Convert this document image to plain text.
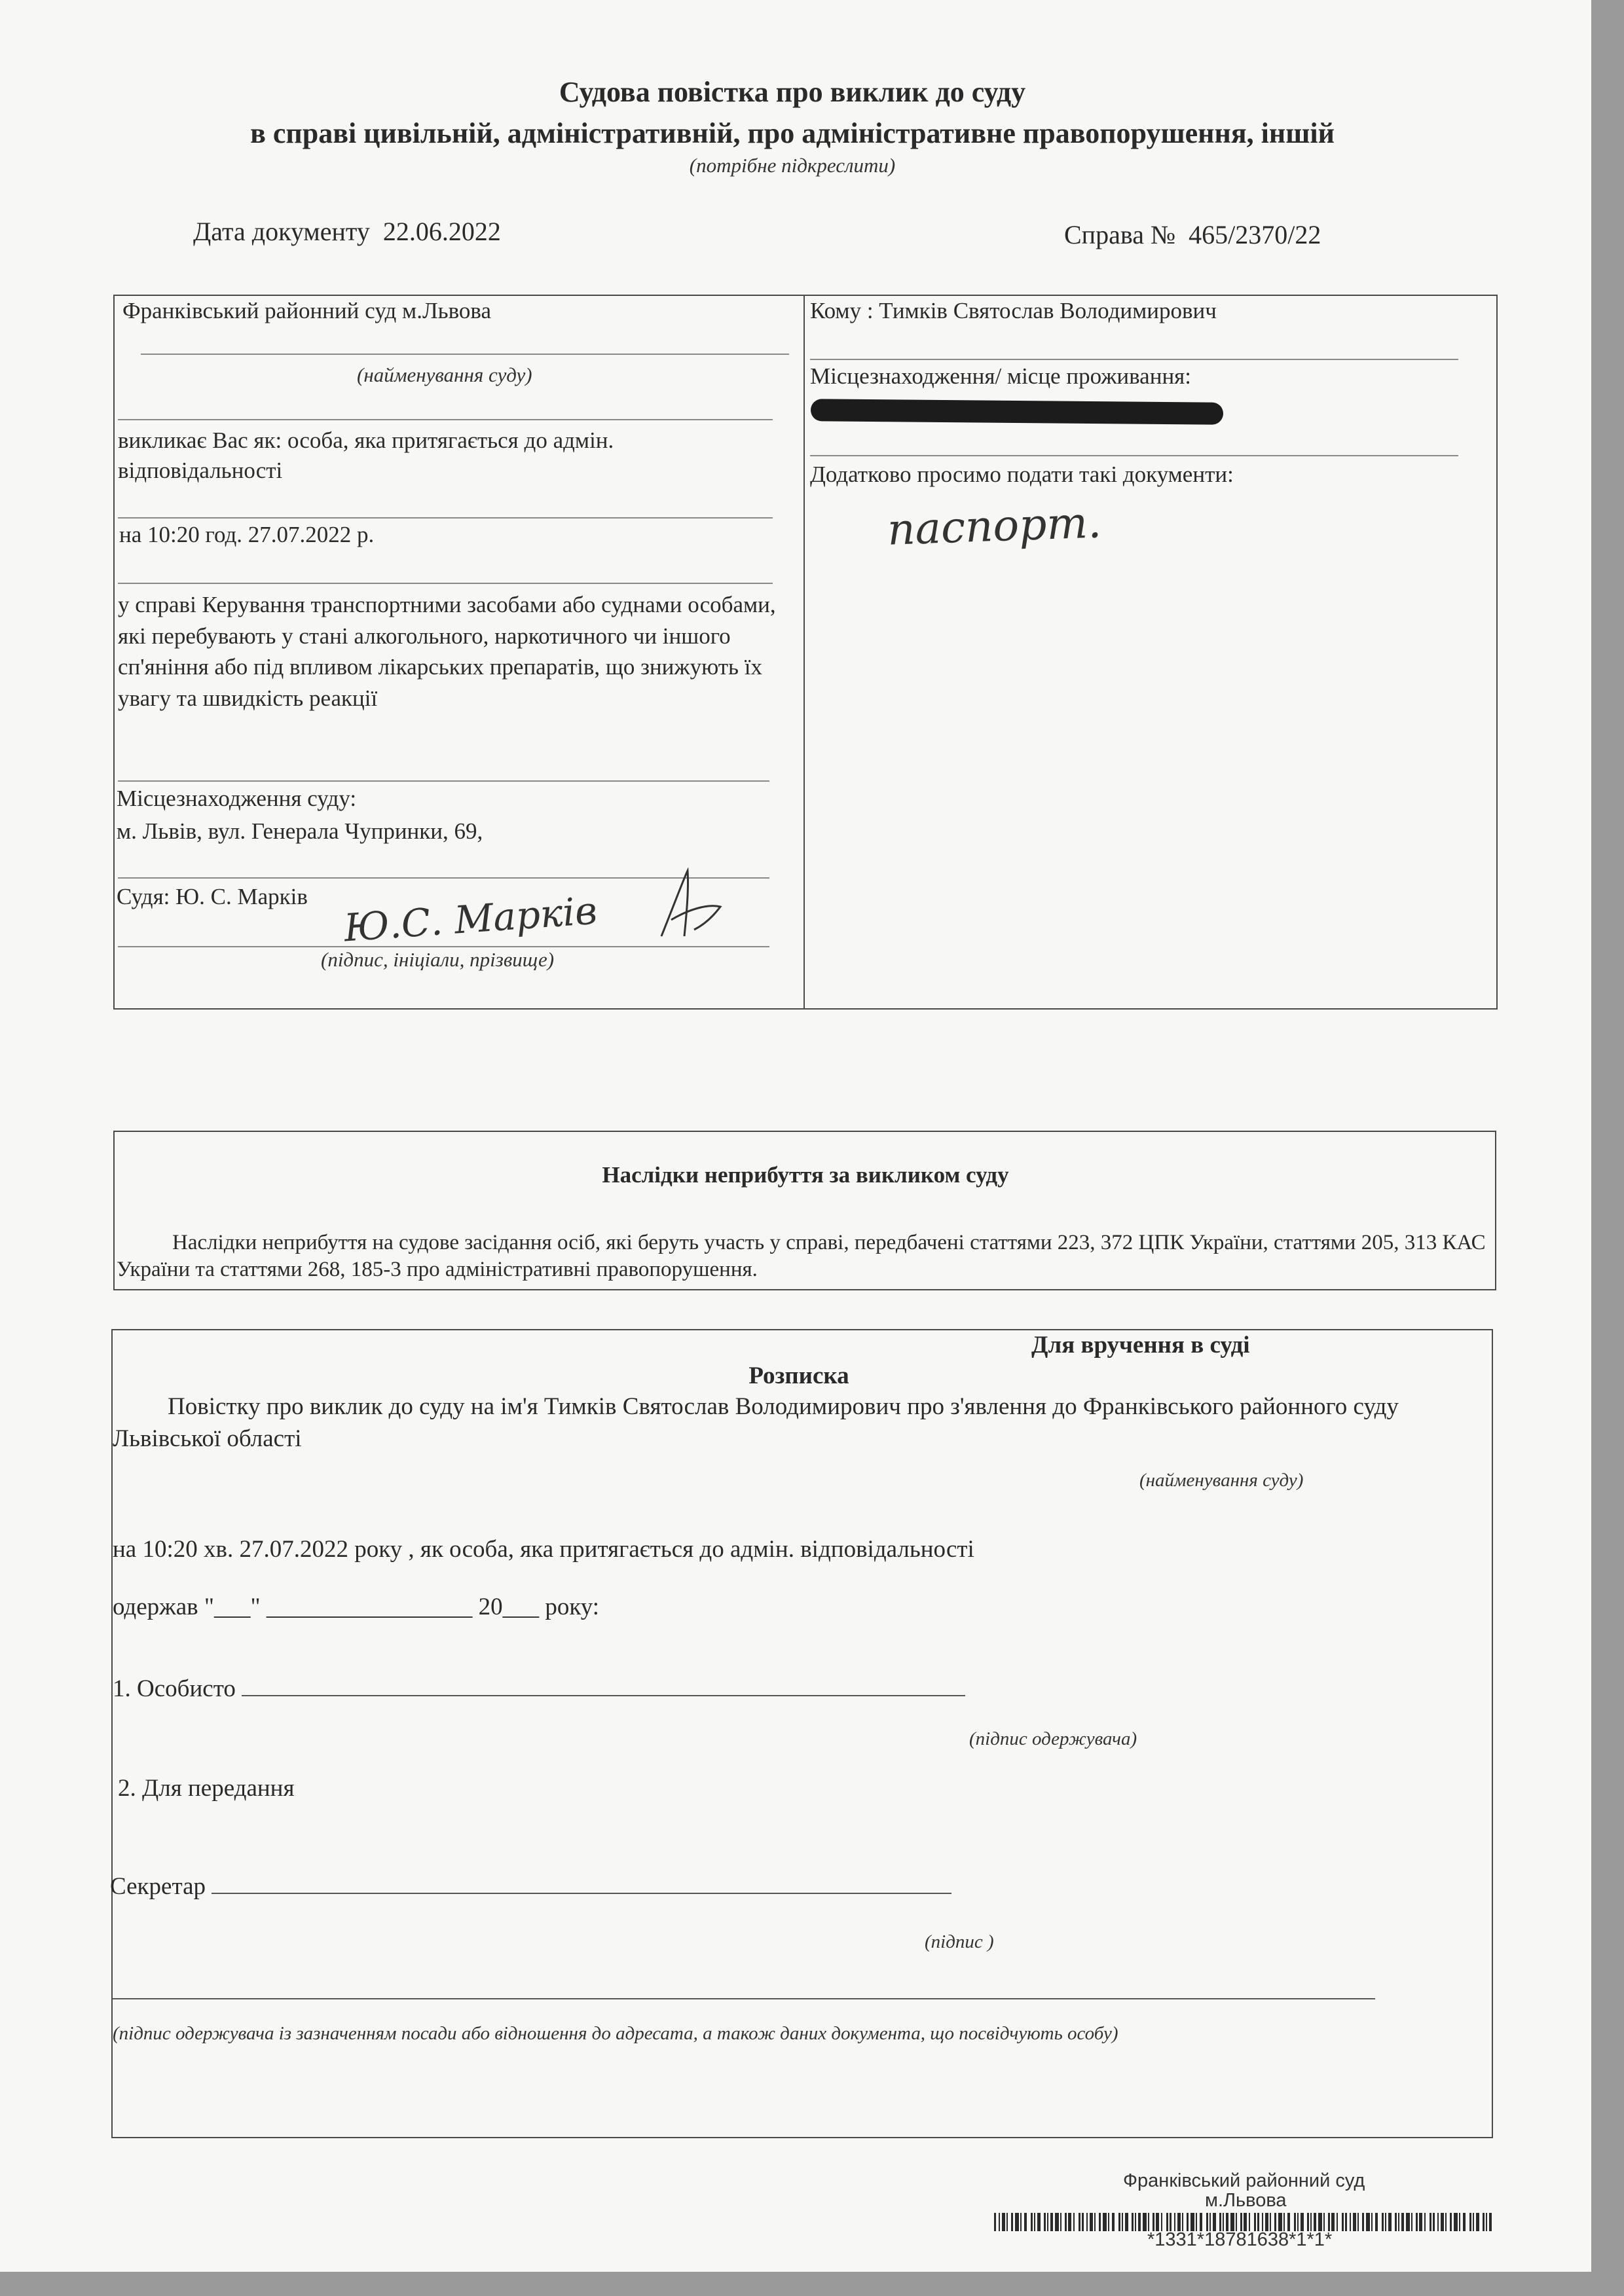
Судова повістка про виклик до суду
в справі цивільній, адміністративній, про адміністративне правопорушення, іншій
(потрібне підкреслити)
Дата документу 22.06.2022	Справа № 465/2370/22
Франківський районний суд м.Львова
(найменування суду)
викликає Вас як: особа, яка притягається до адмін. відповідальності
на 10:20 год. 27.07.2022 р.
у справі Керування транспортними засобами або суднами особами, які перебувають у стані алкогольного, наркотичного чи іншого сп'яніння або під впливом лікарських препаратів, що знижують їх увагу та швидкість реакції
Місцезнаходження суду:
м. Львів, вул. Генерала Чупринки, 69,
Судя: Ю. С. Марків Ю.С. Марків
(підпис, ініціали, прізвище)
Кому : Тимків Святослав Володимирович
Місцезнаходження/ місце проживання:
Додатково просимо подати такі документи:
паспорт.
Наслідки неприбуття за викликом суду
Наслідки неприбуття на судове засідання осіб, які беруть участь у справі, передбачені статтями 223, 372 ЦПК України, статтями 205, 313 КАС України та статтями 268, 185-3 про адміністративні правопорушення.
Для вручення в суді
Розписка
Повістку про виклик до суду на ім'я Тимків Святослав Володимирович про з'явлення до Франківського районного суду Львівської області
(найменування суду)
на 10:20 хв. 27.07.2022 року , як особа, яка притягається до адмін. відповідальності
одержав "___" _________________ 20___ року:
1. Особисто
(підпис одержувача)
2. Для передання
Секретар
(підпис )
(підпис одержувача із зазначенням посади або відношення до адресата, а також даних документа, що посвідчують особу)
Франківський районний суд
м.Львова
*1331*18781638*1*1*
